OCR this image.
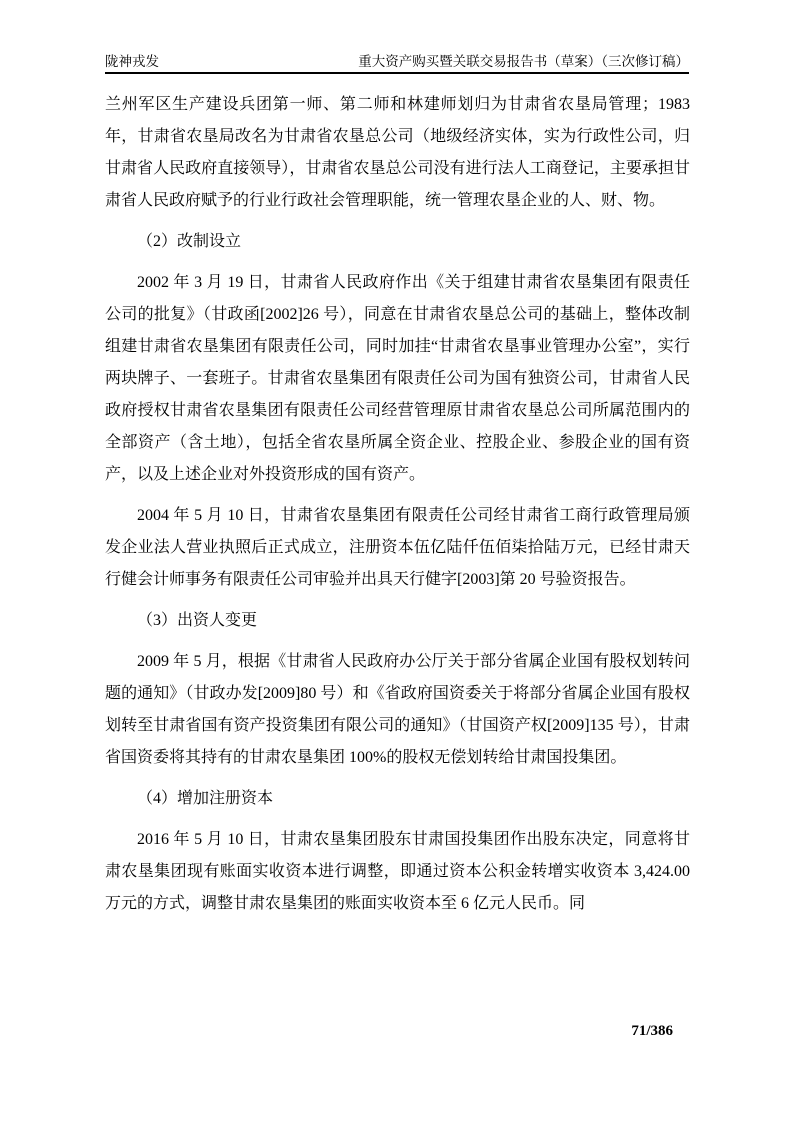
陇神戎发	重大资产购买暨关联交易报告书（草案）（三次修订稿）
兰州军区生产建设兵团第一师、第二师和林建师划归为甘肃省农垦局管理；1983 年，甘肃省农垦局改名为甘肃省农垦总公司（地级经济实体，实为行政性公司，归甘肃省人民政府直接领导），甘肃省农垦总公司没有进行法人工商登记，主要承担甘肃省人民政府赋予的行业行政社会管理职能，统一管理农垦企业的人、财、物。
（2）改制设立
2002 年 3 月 19 日，甘肃省人民政府作出《关于组建甘肃省农垦集团有限责任公司的批复》（甘政函[2002]26 号），同意在甘肃省农垦总公司的基础上，整体改制组建甘肃省农垦集团有限责任公司，同时加挂“甘肃省农垦事业管理办公室”，实行两块牌子、一套班子。甘肃省农垦集团有限责任公司为国有独资公司，甘肃省人民政府授权甘肃省农垦集团有限责任公司经营管理原甘肃省农垦总公司所属范围内的全部资产（含土地），包括全省农垦所属全资企业、控股企业、参股企业的国有资产，以及上述企业对外投资形成的国有资产。
2004 年 5 月 10 日，甘肃省农垦集团有限责任公司经甘肃省工商行政管理局颁发企业法人营业执照后正式成立，注册资本伍亿陆仟伍佰柒拾陆万元，已经甘肃天行健会计师事务有限责任公司审验并出具天行健字[2003]第 20 号验资报告。
（3）出资人变更
2009 年 5 月，根据《甘肃省人民政府办公厅关于部分省属企业国有股权划转问题的通知》（甘政办发[2009]80 号）和《省政府国资委关于将部分省属企业国有股权划转至甘肃省国有资产投资集团有限公司的通知》（甘国资产权[2009]135 号），甘肃省国资委将其持有的甘肃农垦集团 100%的股权无偿划转给甘肃国投集团。
（4）增加注册资本
2016 年 5 月 10 日，甘肃农垦集团股东甘肃国投集团作出股东决定，同意将甘肃农垦集团现有账面实收资本进行调整，即通过资本公积金转增实收资本 3,424.00 万元的方式，调整甘肃农垦集团的账面实收资本至 6 亿元人民币。同
71/386
